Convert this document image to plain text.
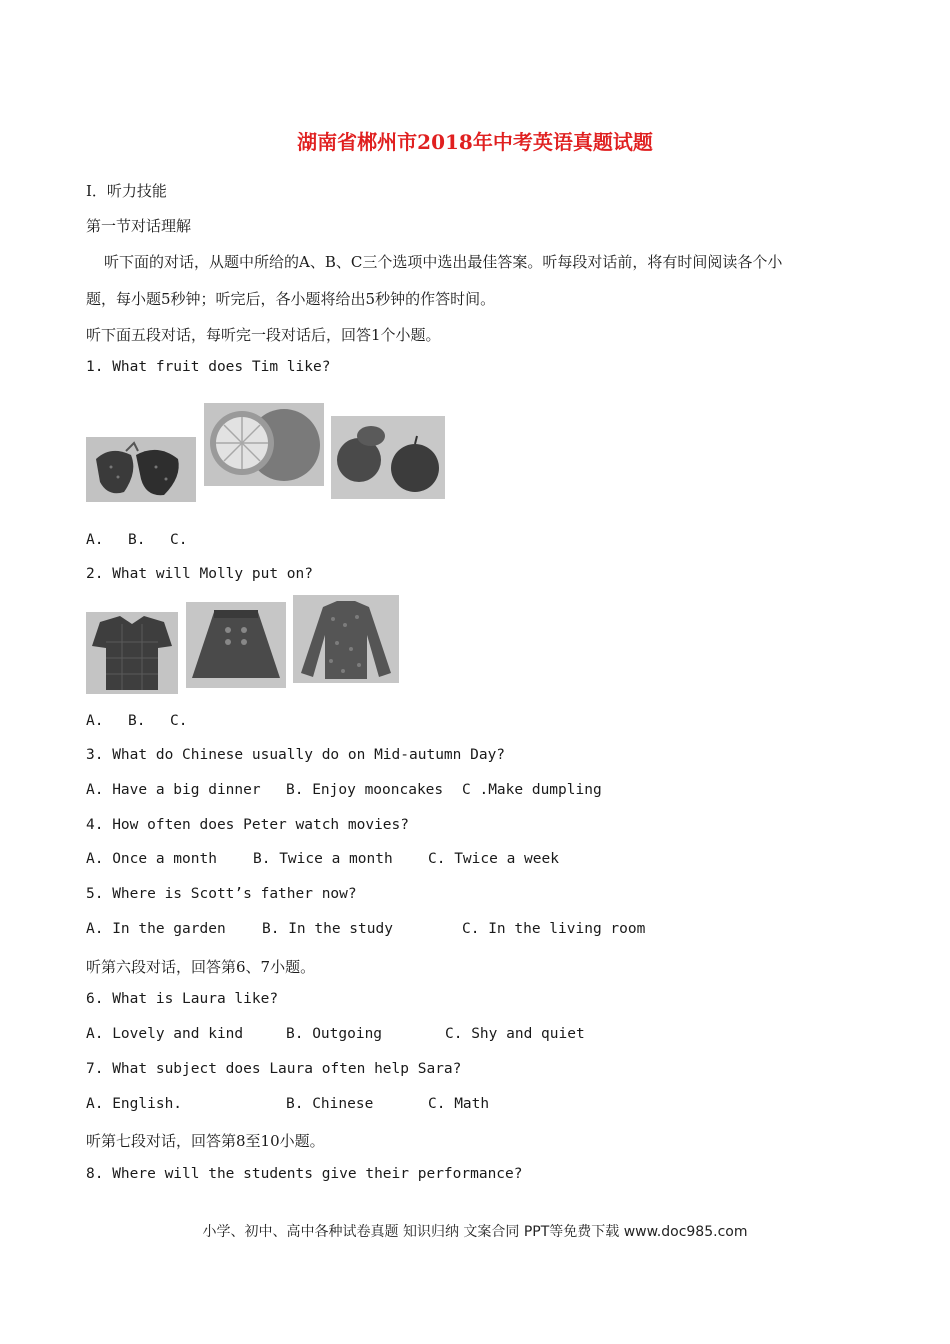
湖南省郴州市2018年中考英语真题试题
I．听力技能
第一节对话理解
听下面的对话，从题中所给的A、B、C三个选项中选出最佳答案。听每段对话前，将有时间阅读各个小
题，每小题5秒钟；听完后，各小题将给出5秒钟的作答时间。
听下面五段对话，每听完一段对话后，回答1个小题。
1. What fruit does Tim like?
A. B. C.
2. What will Molly put on?
A. B. C.
3. What do Chinese usually do on Mid-autumn Day?
A. Have a big dinner B. Enjoy mooncakes C .Make dumpling
4. How often does Peter watch movies?
A. Once a month B. Twice a month C. Twice a week
5. Where is Scott’s father now?
A. In the garden	B. In the study	C. In the living room
听第六段对话，回答第6、7小题。
6. What is Laura like?
A. Lovely and kind	B. Outgoing	C. Shy and quiet
7. What subject does Laura often help Sara?
A. English.	B. Chinese	C. Math
听第七段对话，回答第8至10小题。
8. Where will the students give their performance?
小学、初中、高中各种试卷真题 知识归纳 文案合同 PPT等免费下载 www.doc985.com
